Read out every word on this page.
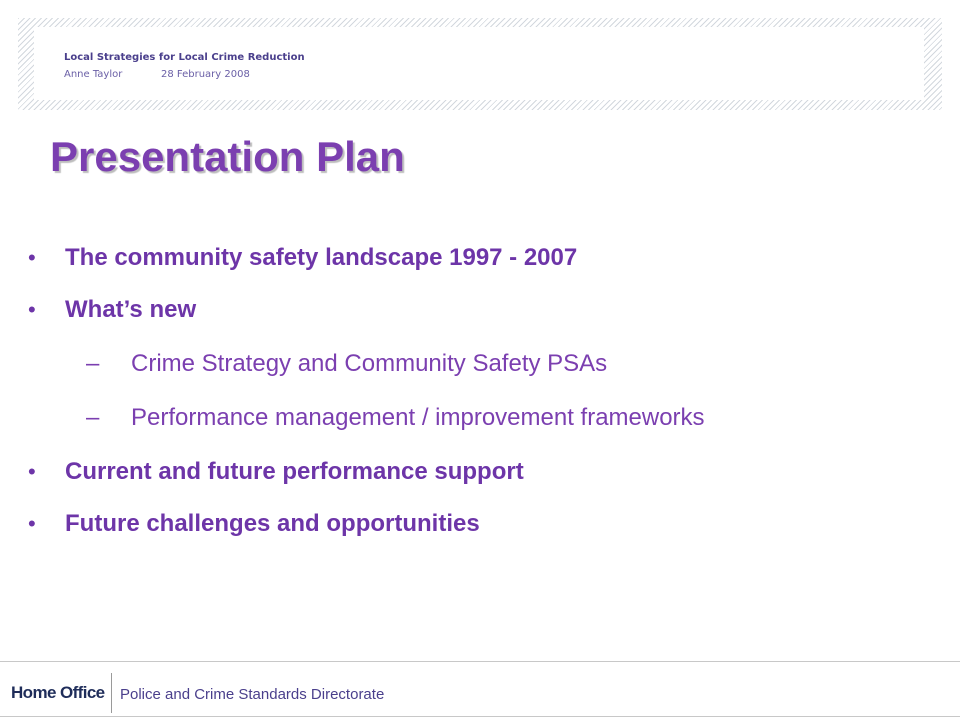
Local Strategies for Local Crime Reduction
Anne Taylor	28 February 2008
Presentation Plan
• The community safety landscape 1997 - 2007
• What’s new
– Crime Strategy and Community Safety PSAs
– Performance management / improvement frameworks
• Current and future performance support
• Future challenges and opportunities
Home Office Police and Crime Standards Directorate
